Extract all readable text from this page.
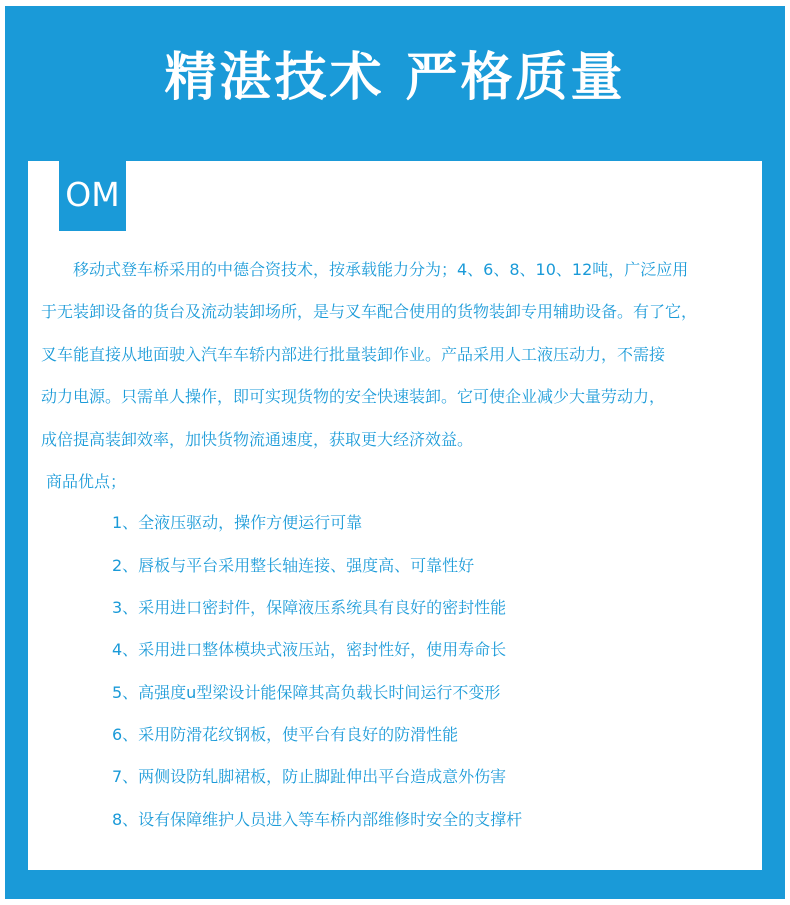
精湛技术 严格质量
OM
移动式登车桥采用的中德合资技术，按承载能力分为；4、6、8、10、12吨，广泛应用
于无装卸设备的货台及流动装卸场所，是与叉车配合使用的货物装卸专用辅助设备。有了它，
叉车能直接从地面驶入汽车车轿内部进行批量装卸作业。产品采用人工液压动力，不需接
动力电源。只需单人操作，即可实现货物的安全快速装卸。它可使企业减少大量劳动力，
成倍提高装卸效率，加快货物流通速度，获取更大经济效益。
商品优点；
1、全液压驱动，操作方便运行可靠
2、唇板与平台采用整长轴连接、强度高、可靠性好
3、采用进口密封件，保障液压系统具有良好的密封性能
4、采用进口整体模块式液压站，密封性好，使用寿命长
5、高强度u型梁设计能保障其高负载长时间运行不变形
6、采用防滑花纹钢板，使平台有良好的防滑性能
7、两侧设防轧脚裙板，防止脚趾伸出平台造成意外伤害
8、设有保障维护人员进入等车桥内部维修时安全的支撑杆
